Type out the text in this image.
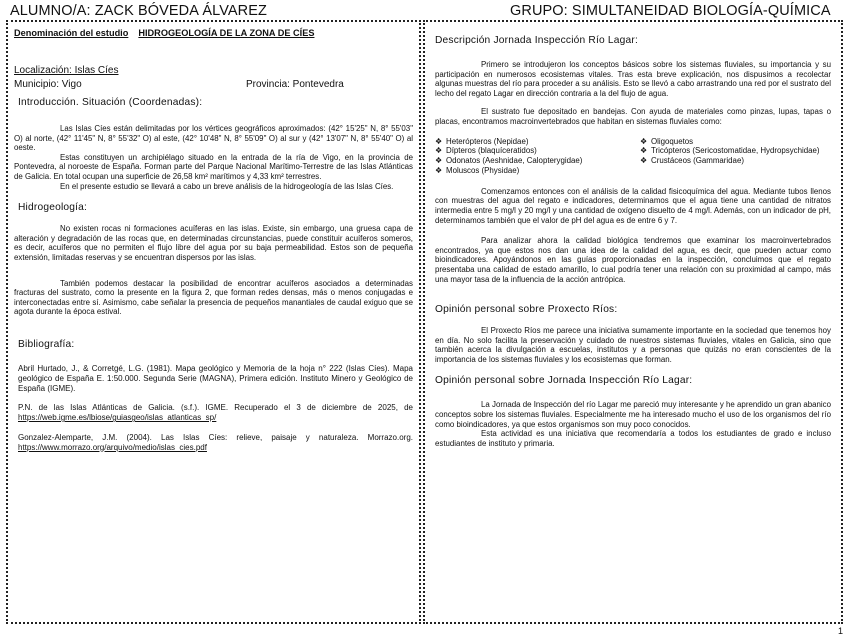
ALUMNO/A: ZACK BÓVEDA ÁLVAREZ	GRUPO: SIMULTANEIDAD BIOLOGÍA-QUÍMICA
Denominación del estudio HIDROGEOLOGÍA DE LA ZONA DE CÍES
Localización: Islas Cíes
Municipio: Vigo	Provincia: Pontevedra
Introducción. Situación (Coordenadas):

Las Islas Cíes están delimitadas por los vértices geográficos aproximados: (42° 15'25" N, 8° 55'03" O) al norte, (42° 11'45" N, 8° 55'32" O) al este, (42° 10'48" N, 8° 55'09" O) al sur y (42° 13'07" N, 8° 55'40" O) al oeste.

Estas constituyen un archipiélago situado en la entrada de la ría de Vigo, en la provincia de Pontevedra, al noroeste de España. Forman parte del Parque Nacional Marítimo-Terrestre de las Islas Atlánticas de Galicia. En total ocupan una superficie de 26,58 km² marítimos y 4,33 km² terrestres.

En el presente estudio se llevará a cabo un breve análisis de la hidrogeología de las Islas Cíes.

Hidrogeología:

No existen rocas ni formaciones acuíferas en las islas. Existe, sin embargo, una gruesa capa de alteración y degradación de las rocas que, en determinadas circunstancias, puede constituir acuíferos someros, es decir, acuíferos que no permiten el flujo libre del agua por su baja permeabilidad. Estos son de pequeña extensión, limitadas reservas y se encuentran dispersos por las islas.

También podemos destacar la posibilidad de encontrar acuíferos asociados a determinadas fracturas del sustrato, como la presente en la figura 2, que forman redes densas, más o menos conjugadas e interconectadas entre sí. Asimismo, cabe señalar la presencia de pequeños manantiales de caudal exiguo que se agota durante la época estival.

Bibliografía:

Abril Hurtado, J., & Corretgé, L.G. (1981). Mapa geológico y Memoria de la hoja n° 222 (Islas Cíes). Mapa geológico de España E. 1:50.000. Segunda Serie (MAGNA), Primera edición. Instituto Minero y Geológico de España (IGME).

P.N. de las Islas Atlánticas de Galicia. (s.f.). IGME. Recuperado el 3 de diciembre de 2025, de https://web.igme.es/lbiose/guiasgeo/islas_atlanticas_sp/

Gonzalez-Alemparte, J.M. (2004). Las Islas Cíes: relieve, paisaje y naturaleza. Morrazo.org. https://www.morrazo.org/arquivo/medio/islas_cies.pdf

Descripción Jornada Inspección Río Lagar:

Primero se introdujeron los conceptos básicos sobre los sistemas fluviales, su importancia y su participación en numerosos ecosistemas vitales. Tras esta breve explicación, nos dispusimos a recolectar algunas muestras del río para proceder a su análisis. Esto se llevó a cabo arrastrando una red por el sustrato del lecho del regato Lagar en dirección contraria a la del flujo de agua.

El sustrato fue depositado en bandejas. Con ayuda de materiales como pinzas, lupas, tapas o placas, encontramos macroinvertebrados que habitan en sistemas fluviales como:

❖ Heterópteros (Nepidae)
❖ Dípteros (blaquíceratidos)
❖ Odonatos (Aeshnidae, Calopterygidae)
❖ Moluscos (Physidae)
❖ Oligoquetos
❖ Tricópteros (Sericostomatidae, Hydropsychidae)
❖ Crustáceos (Gammaridae)

Comenzamos entonces con el análisis de la calidad fisicoquímica del agua. Mediante tubos llenos con muestras del agua del regato e indicadores, determinamos que el agua tiene una cantidad de nitratos intermedia entre 5 mg/l y 20 mg/l y una cantidad de oxígeno disuelto de 4 mg/l. Además, con un indicador de pH, determinamos también que el valor de pH del agua es de entre 6 y 7.

Para analizar ahora la calidad biológica tendremos que examinar los macroinvertebrados encontrados, ya que estos nos dan una idea de la calidad del agua, es decir, que pueden actuar como bioindicadores. Apoyándonos en las guías proporcionadas en la inspección, concluimos que el regato presentaba una calidad de estado amarillo, lo cual podría tener una relación con su proximidad al campo, más una mayor tasa de la influencia de la acción antrópica.

Opinión personal sobre Proxecto Ríos:

El Proxecto Ríos me parece una iniciativa sumamente importante en la sociedad que tenemos hoy en día. No solo facilita la preservación y cuidado de nuestros sistemas fluviales, vitales en Galicia, sino que también acerca la divulgación a escuelas, institutos y a personas que quizás no eran conscientes de la importancia de los sistemas fluviales y los ecosistemas que forman.

Opinión personal sobre Jornada Inspección Río Lagar:

La Jornada de Inspección del río Lagar me pareció muy interesante y he aprendido un gran abanico conceptos sobre los sistemas fluviales. Especialmente me ha interesado mucho el uso de los organismos del río como bioindicadores, ya que estos organismos son muy poco conocidos.

Esta actividad es una iniciativa que recomendaría a todos los estudiantes de grado e incluso estudiantes de instituto y primaria.

1
